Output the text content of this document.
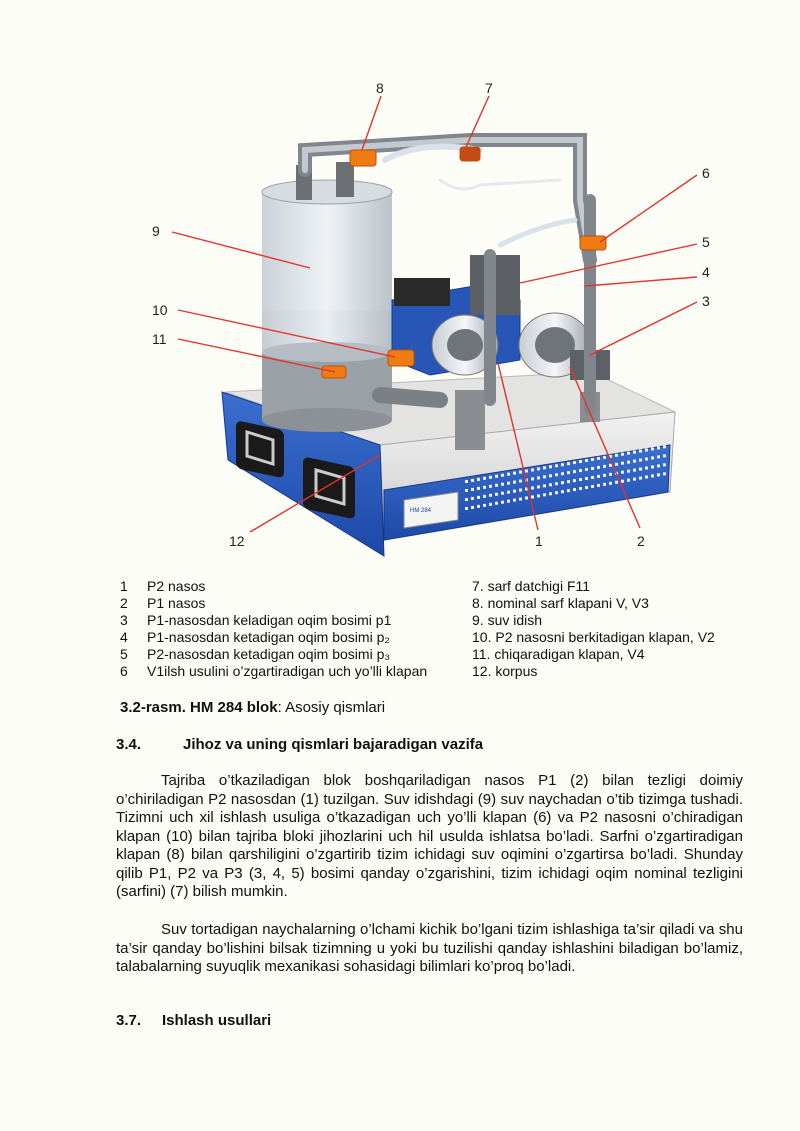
HM 284
8	7
6
5
4
3
9
10
11
12	1	2
1 P2 nasos
2 P1 nasos
3 P1-nasosdan keladigan oqim bosimi p1
4 P1-nasosdan ketadigan oqim bosimi p₂
5 P2-nasosdan ketadigan oqim bosimi p₃
6 V1ilsh usulini o’zgartiradigan uch yo’lli klapan
7. sarf datchigi F11
8. nominal sarf klapani V, V3
9. suv idish
10. P2 nasosni berkitadigan klapan, V2
11. chiqaradigan klapan, V4
12. korpus
3.2-rasm. HM 284 blok: Asosiy qismlari
3.4.	Jihoz va uning qismlari bajaradigan vazifa

Tajriba o’tkaziladigan blok boshqariladigan nasos P1 (2) bilan tezligi doimiy o’chiriladigan P2 nasosdan (1) tuzilgan. Suv idishdagi (9) suv naychadan o’tib tizimga tushadi. Tizimni uch xil ishlash usuliga o’tkazadigan uch yo’lli klapan (6) va P2 nasosni o’chiradigan klapan (10) bilan tajriba bloki jihozlarini uch hil usulda ishlatsa bo’ladi. Sarfni o’zgartiradigan klapan (8) bilan qarshiligini o’zgartirib tizim ichidagi suv oqimini o’zgartirsa bo’ladi. Shunday qilib P1, P2 va P3 (3, 4, 5) bosimi qanday o’zgarishini, tizim ichidagi oqim nominal tezligini (sarfini) (7) bilish mumkin.

Suv tortadigan naychalarning o’lchami kichik bo’lgani tizim ishlashiga ta’sir qiladi va shu ta’sir qanday bo’lishini bilsak tizimning u yoki bu tuzilishi qanday ishlashini biladigan bo’lamiz, talabalarning suyuqlik mexanikasi sohasidagi bilimlari ko’proq bo’ladi.

3.7. Ishlash usullari
